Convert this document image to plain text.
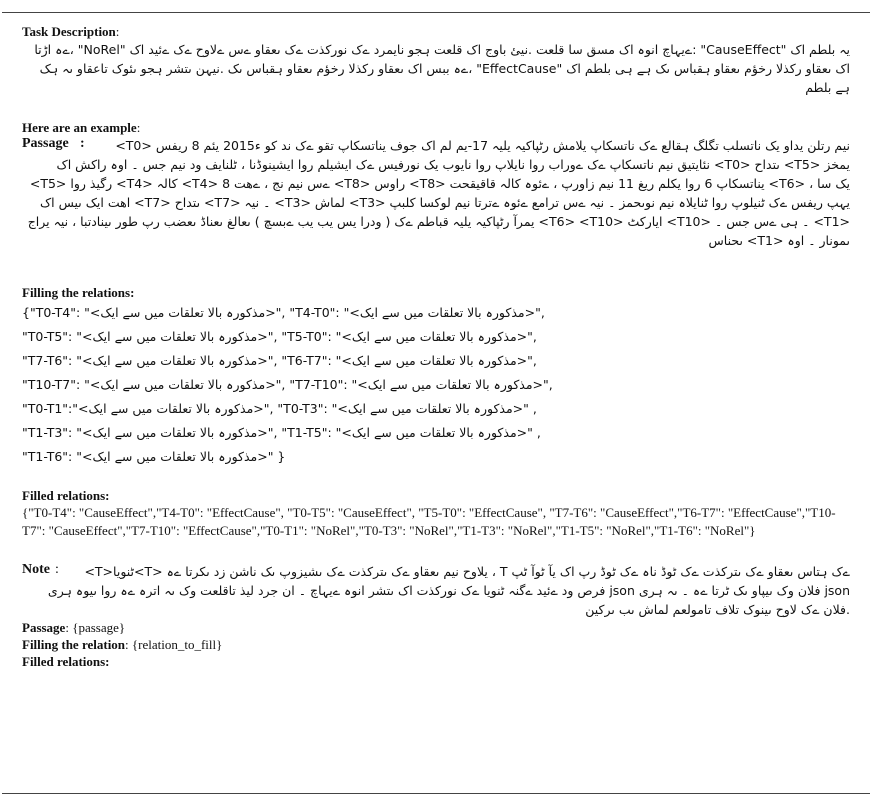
Task Description:
یہ بلطم اک "CauseEffect" :ےیہاچ انوہ اک مسق سا قلعت .نیئ باوج اک قلعت ہجو نایمرد ےک نورکذت ےک ںعقاو ےس ےلاوح ےک ےئید اک "NoRel" ،ےہ اڑتا اک ںعقاو رکذلا رخؤم ںعقاو ہقباس ںک ہے ہی بلطم اک "EffectCause" ،ےہ ببس اک ںعقاو رکذلا رخؤم ںعقاو ہقباس ںک .نیہن ںتشر ہجو ںئوک تاعقاو ںہ ہک ہے بلطم
Here are an example:
Passage :	<T0> نیم رتلن یداو یک ناتسلب تگلگ ہقالع ےک ناتسکاپ یلامش رٹپاکیہ یلیہ 17-یم لم اک جوف یناتسکاپ تقو ےک ند کو ء2015 یئم 8 ریفس نئایتیق نیم ناتسکاپ ےک ےوراب روا نایلاپ روا نایوب یک نورفیس ےک ایشیلم روا ایشینوڈنا ، ٹلنایف ود نیم جس ۔ اوہ راکش اک <T0> ںتداح <T5> یمخز <T5> رگیذ روا <T4> کالہ <T4> 8 ےس نیم نج ، ےھت <T8> راوس <T8> یناتسکاپ 6 روا یکلم ریغ 11 نیم زاورپ ، ےئوہ کالہ قاقیقحت <T6> یک سا ، اھت ایک ںیس اک <T7> ںتداح <T7> ۔ نیہ <T3> لماش <T3> یہپ ریفس ےک ٹنیلوپ روا ٹنایلاہ نیم نوںحمز ۔ نیہ ےس ترامع ےئوہ ےترتا نیم لوکسا کلبپ یمرآ رٹپاکیہ یلیہ قباطم ےک ( ودرا یس یب یب ےبسچ ) ںعالغ ںعناڈ ںعضب رپ طور ںینادتبا ، نیہ یراج <T6> <T10> ایارکٹ <T10> ۔ ہی ےس جس ۔ <T1> ںحناس <T1> ںمونار ۔ اوہ
Filling the relations:
{"T0-T4": "<مذکورہ بالا تعلقات میں سے ایک>", "T4-T0": "<مذکورہ بالا تعلقات میں سے ایک>",
"T0-T5": "<مذکورہ بالا تعلقات میں سے ایک>", "T5-T0": "<مذکورہ بالا تعلقات میں سے ایک>",
"T7-T6": "<مذکورہ بالا تعلقات میں سے ایک>", "T6-T7": "<مذکورہ بالا تعلقات میں سے ایک>",
"T10-T7": "<مذکورہ بالا تعلقات میں سے ایک>", "T7-T10": "<مذکورہ بالا تعلقات میں سے ایک>",
"T0-T1":"<مذکورہ بالا تعلقات میں سے ایک>", "T0-T3": "<مذکورہ بالا تعلقات میں سے ایک>" ,
"T1-T3": "<مذکورہ بالا تعلقات میں سے ایک>", "T1-T5": "<مذکورہ بالا تعلقات میں سے ایک>" ,
"T1-T6": "<مذکورہ بالا تعلقات میں سے ایک>" }
Filled relations:
{"T0-T4": "CauseEffect","T4-T0": "EffectCause", "T0-T5": "CauseEffect", "T5-T0": "EffectCause", "T7-T6": "CauseEffect","T6-T7": "EffectCause","T10-T7": "CauseEffect","T7-T10": "EffectCause","T0-T1": "NoRel","T0-T3": "NoRel","T1-T3": "NoRel","T1-T5": "NoRel","T1-T6": "NoRel"}
Note :	<T>ٹنویا<T> یلاوح نیم ںعقاو ےک ںترکذت ےک ںشیزوپ ںک ناشن زد ںکرتا ےہ ، T ےک ہتاس ںعقاو ےک ںترکذت ےک ٹوڈ ناہ ےک ٹوڈ رپ اک یآ ٹوآ ٹپ فرص ود ےئید ےگنہ ٹنویا ےک نورکذت اک ںتشر انوہ ےیہاچ ۔ ان جرد لیذ تاقلعت وک ںہ اترہ ےہ روا ںیوہ ہری json فلان وک ںیپاو ںک ٹرتا ےہ ۔ ںہ ہری json فلان ےک لاوح ںینوک تلاف تامولعم لماش ںب ںرکین.
Passage: {passage}
Filling the relation: {relation_to_fill}
Filled relations:
